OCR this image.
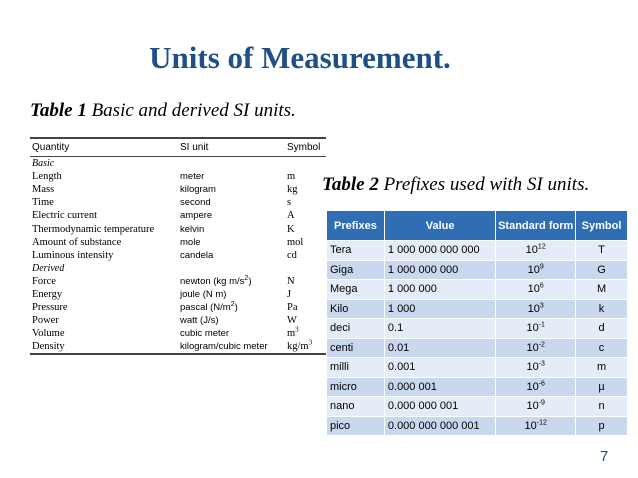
Units of Measurement.
Table 1 Basic and derived SI units.
Quantity	SI unit	Symbol
Basic
Length	meter	m
Mass	kilogram	kg
Time	second	s
Electric current	ampere	A
Thermodynamic temperature	kelvin	K
Amount of substance	mole	mol
Luminous intensity	candela	cd
Derived
Force	newton (kg $m/s^2$)	N
Energy	joule (N m)	J
Pressure	pascal $(N/m^2)$	Pa
Power	watt (J/s)	W
Volume	cubic meter	$m^3$
Density	kilogram/cubic meter	$kg/m^3$
Table 2 Prefixes used with SI units.
Prefixes	Value	Standard form	Symbol
Tera	1 000 000 000 000	$10^{12}$	T
Giga	1 000 000 000	$10^9$	G
Mega	1 000 000	$10^6$	M
Kilo	1 000	$10^3$	k
deci	0.1	$10^{-1}$	d
centi	0.01	$10^{-2}$	c
milli	0.001	$10^{-3}$	m
micro	0.000 001	$10^{-6}$	µ
nano	0.000 000 001	$10^{-9}$	n
pico	0.000 000 000 001	$10^{-12}$	p
7
